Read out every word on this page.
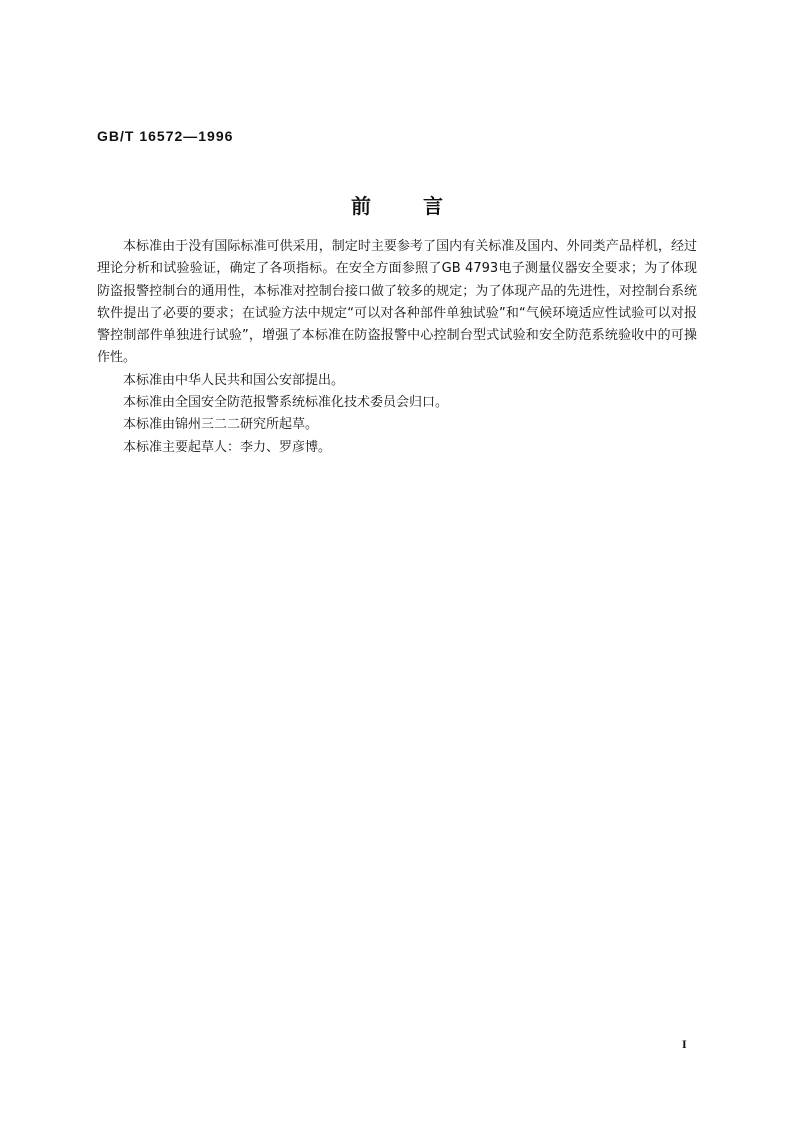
GB/T 16572—1996
前言

本标准由于没有国际标准可供采用，制定时主要参考了国内有关标准及国内、外同类产品样机，经过理论分析和试验验证，确定了各项指标。在安全方面参照了GB 4793电子测量仪器安全要求；为了体现防盗报警控制台的通用性，本标准对控制台接口做了较多的规定；为了体现产品的先进性，对控制台系统软件提出了必要的要求；在试验方法中规定“可以对各种部件单独试验”和“气候环境适应性试验可以对报警控制部件单独进行试验”，增强了本标准在防盗报警中心控制台型式试验和安全防范系统验收中的可操作性。

本标准由中华人民共和国公安部提出。

本标准由全国安全防范报警系统标准化技术委员会归口。

本标准由锦州三二二研究所起草。

本标准主要起草人：李力、罗彦博。

I
